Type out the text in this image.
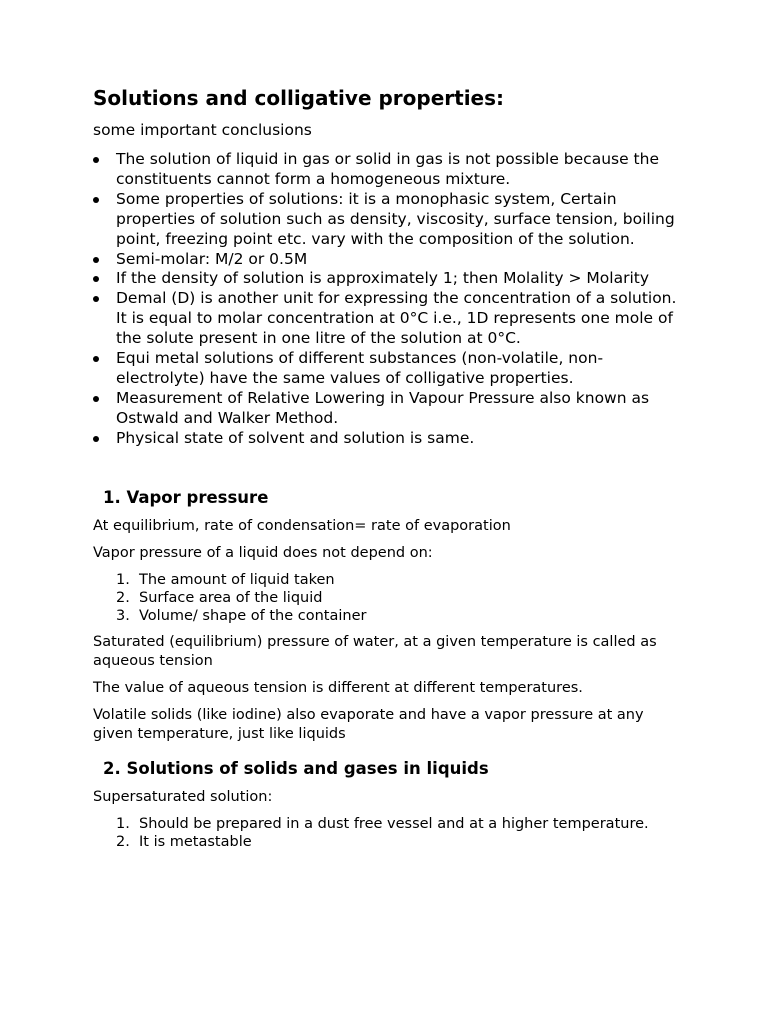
Solutions and colligative properties:

some important conclusions

The solution of liquid in gas or solid in gas is not possible because the constituents cannot form a homogeneous mixture.
Some properties of solutions: it is a monophasic system, Certain properties of solution such as density, viscosity, surface tension, boiling point, freezing point etc. vary with the composition of the solution.
Semi-molar: M/2 or 0.5M
If the density of solution is approximately 1; then Molality > Molarity
Demal (D) is another unit for expressing the concentration of a solution. It is equal to molar concentration at 0°C i.e., 1D represents one mole of the solute present in one litre of the solution at 0°C.
Equi metal solutions of different substances (non-volatile, non-electrolyte) have the same values of colligative properties.
Measurement of Relative Lowering in Vapour Pressure also known as Ostwald and Walker Method.
Physical state of solvent and solution is same.
1. Vapor pressure

At equilibrium, rate of condensation= rate of evaporation

Vapor pressure of a liquid does not depend on:

1. The amount of liquid taken
2. Surface area of the liquid
3. Volume/ shape of the container

Saturated (equilibrium) pressure of water, at a given temperature is called as aqueous tension

The value of aqueous tension is different at different temperatures.

Volatile solids (like iodine) also evaporate and have a vapor pressure at any given temperature, just like liquids

2. Solutions of solids and gases in liquids

Supersaturated solution:

1. Should be prepared in a dust free vessel and at a higher temperature.
2. It is metastable
